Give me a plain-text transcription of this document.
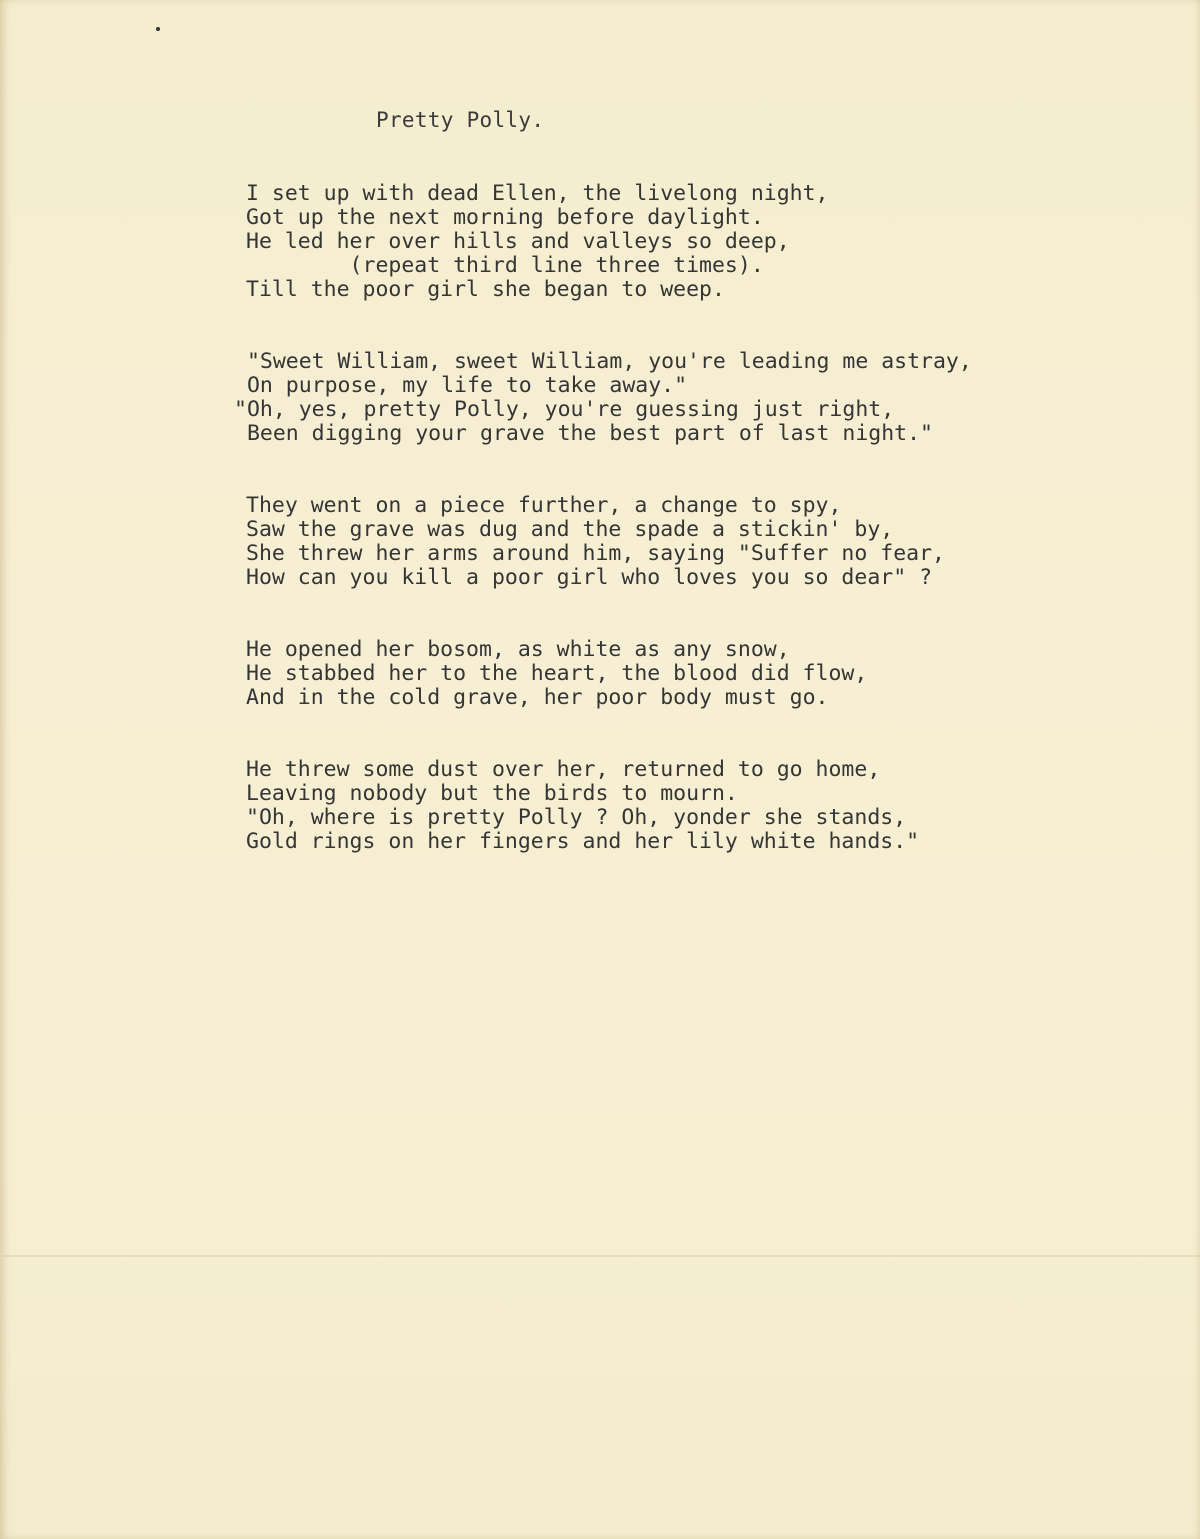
Pretty Polly.
I set up with dead Ellen, the livelong night,
Got up the next morning before daylight.
He led her over hills and valleys so deep,
(repeat third line three times).
Till the poor girl she began to weep.
"Sweet William, sweet William, you're leading me astray,
On purpose, my life to take away."
"Oh, yes, pretty Polly, you're guessing just right,
Been digging your grave the best part of last night."
They went on a piece further, a change to spy,
Saw the grave was dug and the spade a stickin' by,
She threw her arms around him, saying "Suffer no fear,
How can you kill a poor girl who loves you so dear" ?
He opened her bosom, as white as any snow,
He stabbed her to the heart, the blood did flow,
And in the cold grave, her poor body must go.
He threw some dust over her, returned to go home,
Leaving nobody but the birds to mourn.
"Oh, where is pretty Polly ? Oh, yonder she stands,
Gold rings on her fingers and her lily white hands."
